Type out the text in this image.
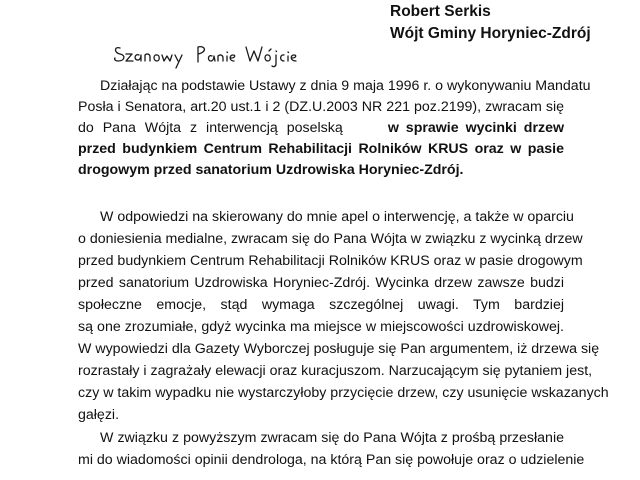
Robert Serkis
Wójt Gminy Horyniec-Zdrój
Działając na podstawie Ustawy z dnia 9 maja 1996 r. o wykonywaniu Mandatu
Posła i Senatora, art.20 ust.1 i 2 (DZ.U.2003 NR 221 poz.2199), zwracam się
do Pana Wójta z interwencją poselską	w sprawie wycinki drzew
przed budynkiem Centrum Rehabilitacji Rolników KRUS oraz w pasie
drogowym przed sanatorium Uzdrowiska Horyniec-Zdrój.
W odpowiedzi na skierowany do mnie apel o interwencję, a także w oparciu
o doniesienia medialne, zwracam się do Pana Wójta w związku z wycinką drzew
przed budynkiem Centrum Rehabilitacji Rolników KRUS oraz w pasie drogowym
przed sanatorium Uzdrowiska Horyniec-Zdrój. Wycinka drzew zawsze budzi
społeczne emocje, stąd wymaga szczególnej uwagi. Tym bardziej
są one zrozumiałe, gdyż wycinka ma miejsce w miejscowości uzdrowiskowej.
W wypowiedzi dla Gazety Wyborczej posługuje się Pan argumentem, iż drzewa się
rozrastały i zagrażały elewacji oraz kuracjuszom. Narzucającym się pytaniem jest,
czy w takim wypadku nie wystarczyłoby przycięcie drzew, czy usunięcie wskazanych
gałęzi.
W związku z powyższym zwracam się do Pana Wójta z prośbą przesłanie
mi do wiadomości opinii dendrologa, na którą Pan się powołuje oraz o udzielenie
